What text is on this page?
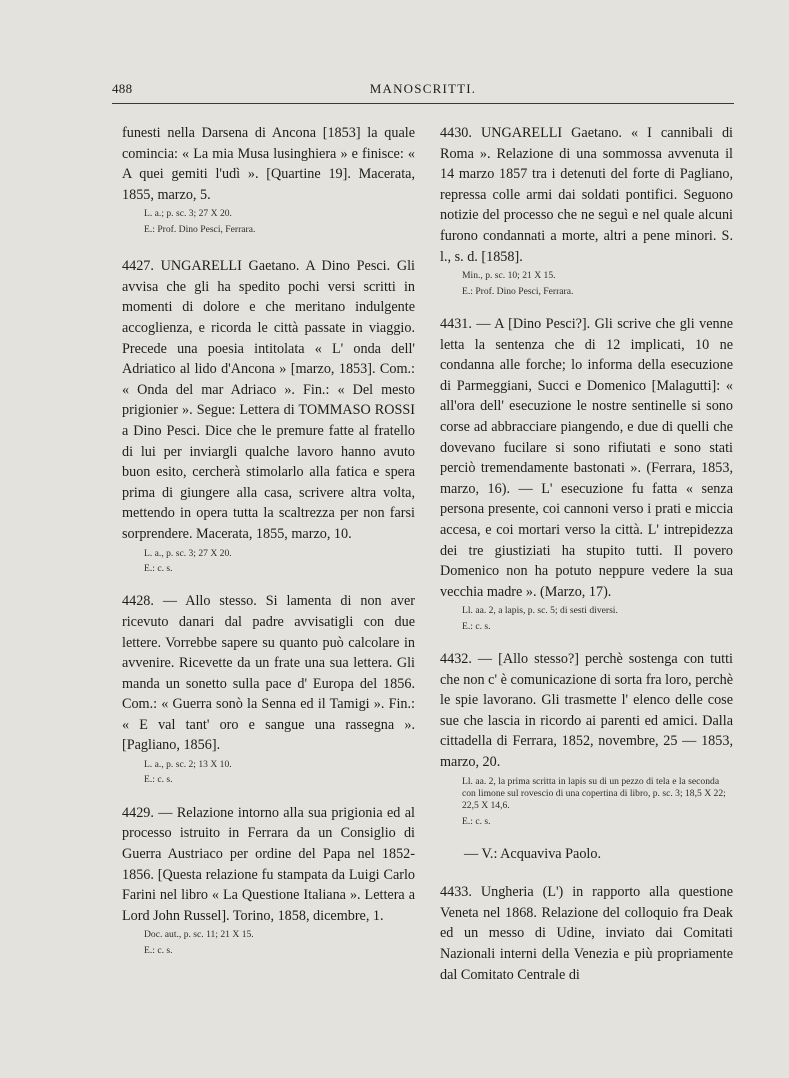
488	MANOSCRITTI.

funesti nella Darsena di Ancona [1853] la quale comincia: « La mia Musa lusinghiera » e finisce: « A quei gemiti l'udì ». [Quartine 19]. Macerata, 1855, marzo, 5.

L. a.; p. sc. 3; 27 X 20.
E.: Prof. Dino Pesci, Ferrara.

4427. UNGARELLI Gaetano. A Dino Pesci. Gli avvisa che gli ha spedito pochi versi scritti in momenti di dolore e che meritano indulgente accoglienza, e ricorda le città passate in viaggio. Precede una poesia intitolata « L' onda dell' Adriatico al lido d'Ancona » [marzo, 1853]. Com.: « Onda del mar Adriaco ». Fin.: « Del mesto prigionier ». Segue: Lettera di TOMMASO ROSSI a Dino Pesci. Dice che le premure fatte al fratello di lui per inviargli qualche lavoro hanno avuto buon esito, cercherà stimolarlo alla fatica e spera prima di giungere alla casa, scrivere altra volta, mettendo in opera tutta la scaltrezza per non farsi sorprendere. Macerata, 1855, marzo, 10.

L. a., p. sc. 3; 27 X 20.
E.: c. s.

4428. — Allo stesso. Si lamenta di non aver ricevuto danari dal padre avvisatigli con due lettere. Vorrebbe sapere su quanto può calcolare in avvenire. Ricevette da un frate una sua lettera. Gli manda un sonetto sulla pace d' Europa del 1856. Com.: « Guerra sonò la Senna ed il Tamigi ». Fin.: « E val tant' oro e sangue una rassegna ». [Pagliano, 1856].

L. a., p. sc. 2; 13 X 10.
E.: c. s.

4429. — Relazione intorno alla sua prigionia ed al processo istruito in Ferrara da un Consiglio di Guerra Austriaco per ordine del Papa nel 1852-1856. [Questa relazione fu stampata da Luigi Carlo Farini nel libro « La Questione Italiana ». Lettera a Lord John Russel]. Torino, 1858, dicembre, 1.

Doc. aut., p. sc. 11; 21 X 15.
E.: c. s.

4430. UNGARELLI Gaetano. « I cannibali di Roma ». Relazione di una sommossa avvenuta il 14 marzo 1857 tra i detenuti del forte di Pagliano, repressa colle armi dai soldati pontifici. Seguono notizie del processo che ne seguì e nel quale alcuni furono condannati a morte, altri a pene minori. S. l., s. d. [1858].

Min., p. sc. 10; 21 X 15.
E.: Prof. Dino Pesci, Ferrara.

4431. — A [Dino Pesci?]. Gli scrive che gli venne letta la sentenza che di 12 implicati, 10 ne condanna alle forche; lo informa della esecuzione di Parmeggiani, Succi e Domenico [Malagutti]: « all'ora dell' esecuzione le nostre sentinelle si sono corse ad abbracciare piangendo, e due di quelli che dovevano fucilare si sono rifiutati e sono stati perciò tremendamente bastonati ». (Ferrara, 1853, marzo, 16). — L' esecuzione fu fatta « senza persona presente, coi cannoni verso i prati e miccia accesa, e coi mortari verso la città. L' intrepidezza dei tre giustiziati ha stupito tutti. Il povero Domenico non ha potuto neppure vedere la sua vecchia madre ». (Marzo, 17).

Ll. aa. 2, a lapis, p. sc. 5; di sesti diversi.
E.: c. s.

4432. — [Allo stesso?] perchè sostenga con tutti che non c' è comunicazione di sorta fra loro, perchè le spie lavorano. Gli trasmette l' elenco delle cose sue che lascia in ricordo ai parenti ed amici. Dalla cittadella di Ferrara, 1852, novembre, 25 — 1853, marzo, 20.

Ll. aa. 2, la prima scritta in lapis su di un pezzo di tela e la seconda con limone sul rovescio di una copertina di libro, p. sc. 3; 18,5 X 22; 22,5 X 14,6.
E.: c. s.
— V.: Acquaviva Paolo.

4433. Ungheria (L') in rapporto alla questione Veneta nel 1868. Relazione del colloquio fra Deak ed un messo di Udine, inviato dai Comitati Nazionali interni della Venezia e più propriamente dal Comitato Centrale di
